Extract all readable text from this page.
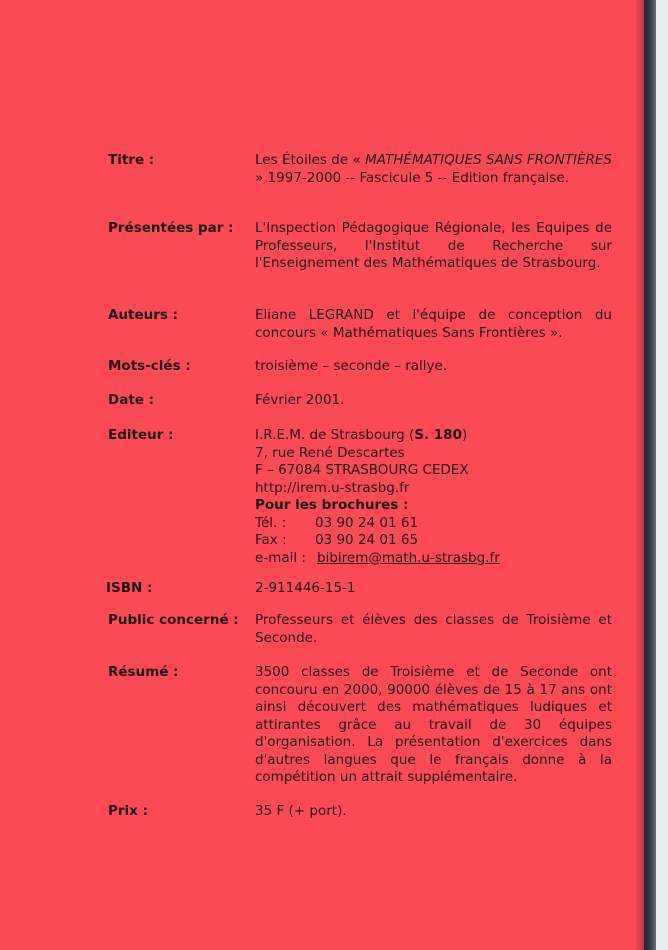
Titre :	Les Étoiles de « MATHÉMATIQUES SANS FRONTIÈRES » 1997-2000 -- Fascicule 5 -- Edition française.
Présentées par : L'Inspection Pédagogique Régionale, les Equipes de Professeurs, l'Institut de Recherche sur l'Enseignement des Mathématiques de Strasbourg.
Auteurs :	Eliane LEGRAND et l'équipe de conception du concours « Mathématiques Sans Frontières ».
Mots-clés :	troisième – seconde – rallye.
Date :	Février 2001.
Editeur :	I.R.E.M. de Strasbourg (S. 180)
7, rue René Descartes
F – 67084 STRASBOURG CEDEX
http://irem.u-strasbg.fr
Pour les brochures :
Tél. : 03 90 24 01 61
Fax : 03 90 24 01 65
e-mail : bibirem@math.u-strasbg.fr
ISBN :	2-911446-15-1
Public concerné : Professeurs et élèves des classes de Troisième et Seconde.
Résumé :	3500 classes de Troisième et de Seconde ont concouru en 2000, 90000 élèves de 15 à 17 ans ont ainsi découvert des mathématiques ludiques et attirantes grâce au travail de 30 équipes d'organisation. La présentation d'exercices dans d'autres langues que le français donne à la compétition un attrait supplémentaire.
Prix :	35 F (+ port).
